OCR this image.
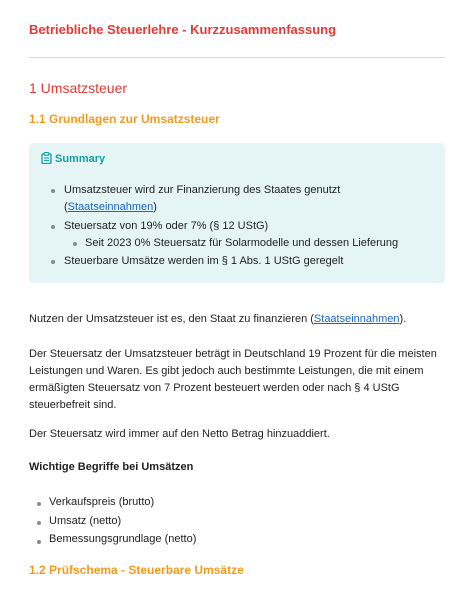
Betriebliche Steuerlehre - Kurzzusammenfassung
1 Umsatzsteuer
1.1 Grundlagen zur Umsatzsteuer
Summary
Umsatzsteuer wird zur Finanzierung des Staates genutzt
(Staatseinnahmen)
Steuersatz von 19% oder 7% (§ 12 UStG)
Seit 2023 0% Steuersatz für Solarmodelle und dessen Lieferung
Steuerbare Umsätze werden im § 1 Abs. 1 UStG geregelt
Nutzen der Umsatzsteuer ist es, den Staat zu finanzieren (Staatseinnahmen).
Der Steuersatz der Umsatzsteuer beträgt in Deutschland 19 Prozent für die meisten
Leistungen und Waren. Es gibt jedoch auch bestimmte Leistungen, die mit einem
ermäßigten Steuersatz von 7 Prozent besteuert werden oder nach § 4 UStG
steuerbefreit sind.
Der Steuersatz wird immer auf den Netto Betrag hinzuaddiert.
Wichtige Begriffe bei Umsätzen
Verkaufspreis (brutto)
Umsatz (netto)
Bemessungsgrundlage (netto)
1.2 Prüfschema - Steuerbare Umsätze
